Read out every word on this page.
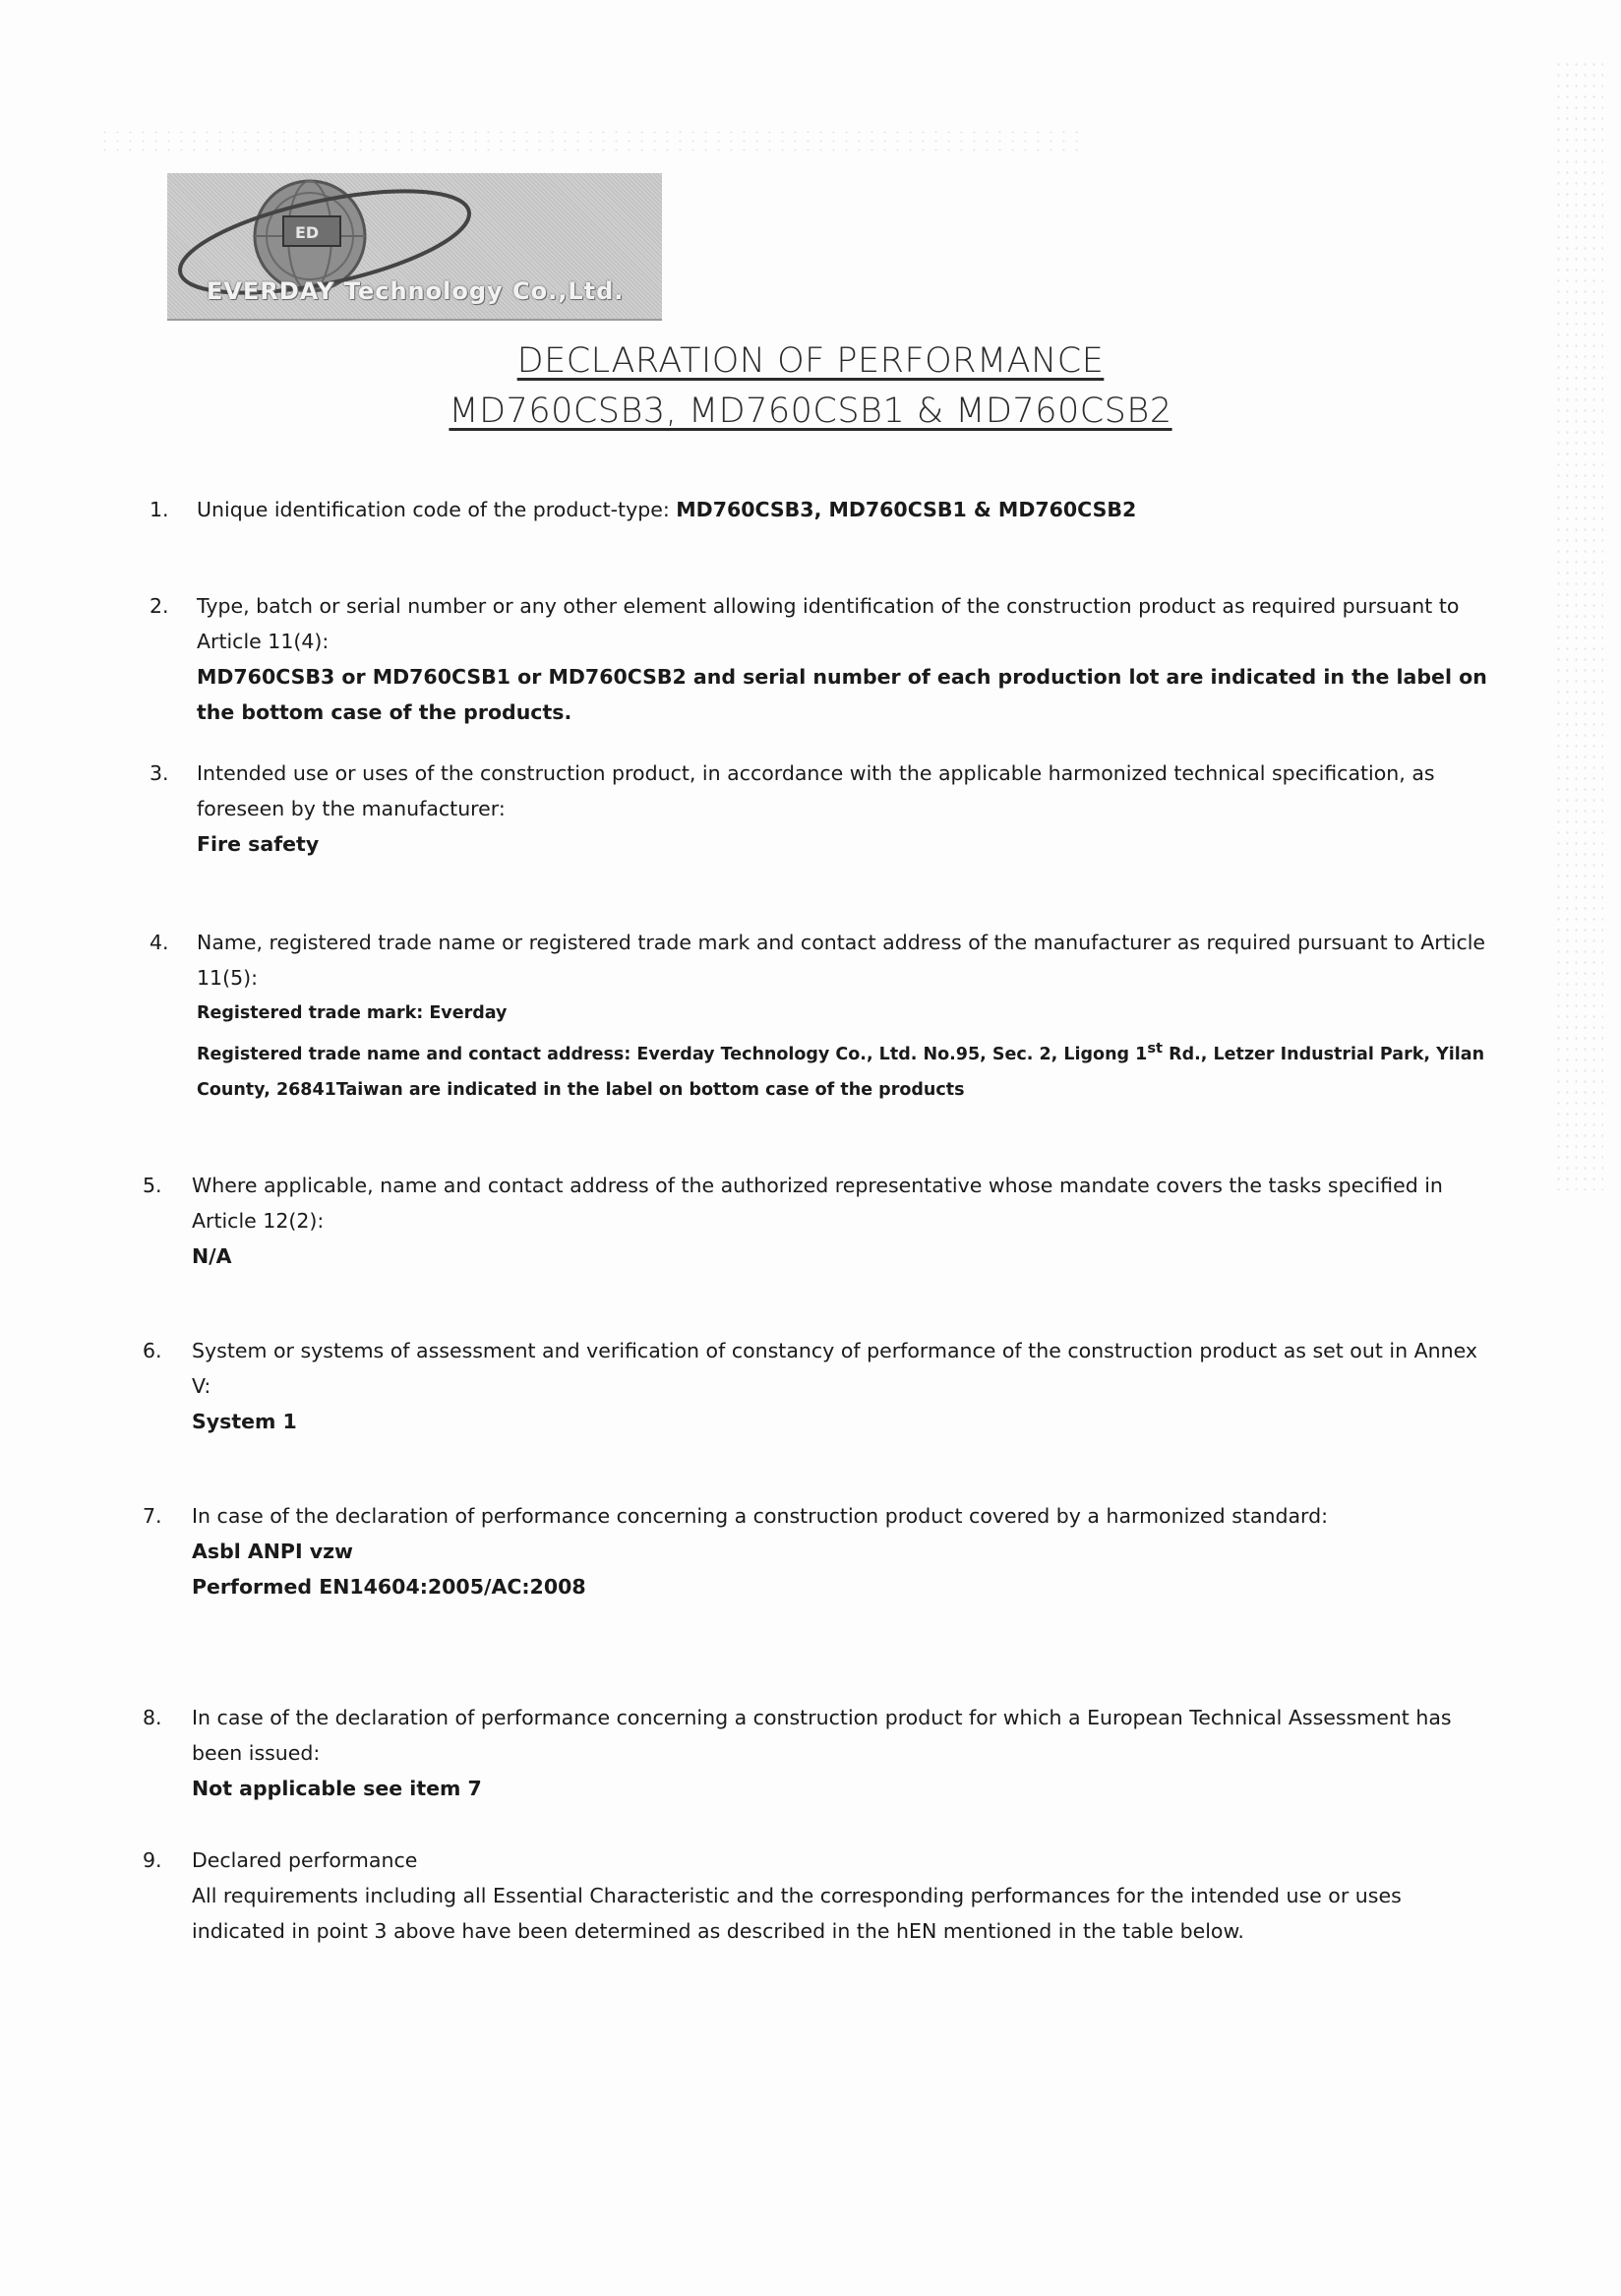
ED
EVERDAY Technology Co.,Ltd.
DECLARATION OF PERFORMANCE
MD760CSB3, MD760CSB1 & MD760CSB2
1.	Unique identification code of the product-type: MD760CSB3, MD760CSB1 & MD760CSB2
2.	Type, batch or serial number or any other element allowing identification of the construction product as required pursuant to Article 11(4):
MD760CSB3 or MD760CSB1 or MD760CSB2 and serial number of each production lot are indicated in the label on the bottom case of the products.
3.	Intended use or uses of the construction product, in accordance with the applicable harmonized technical specification, as foreseen by the manufacturer:
Fire safety
4.	Name, registered trade name or registered trade mark and contact address of the manufacturer as required pursuant to Article 11(5):
Registered trade mark: Everday
Registered trade name and contact address: Everday Technology Co., Ltd. No.95, Sec. 2, Ligong 1st Rd., Letzer Industrial Park, Yilan County, 26841Taiwan are indicated in the label on bottom case of the products
5.	Where applicable, name and contact address of the authorized representative whose mandate covers the tasks specified in Article 12(2):
N/A
6.	System or systems of assessment and verification of constancy of performance of the construction product as set out in Annex V:
System 1
7.	In case of the declaration of performance concerning a construction product covered by a harmonized standard:
Asbl ANPI vzw
Performed EN14604:2005/AC:2008
8.	In case of the declaration of performance concerning a construction product for which a European Technical Assessment has been issued:
Not applicable see item 7
9.	Declared performance
All requirements including all Essential Characteristic and the corresponding performances for the intended use or uses indicated in point 3 above have been determined as described in the hEN mentioned in the table below.
